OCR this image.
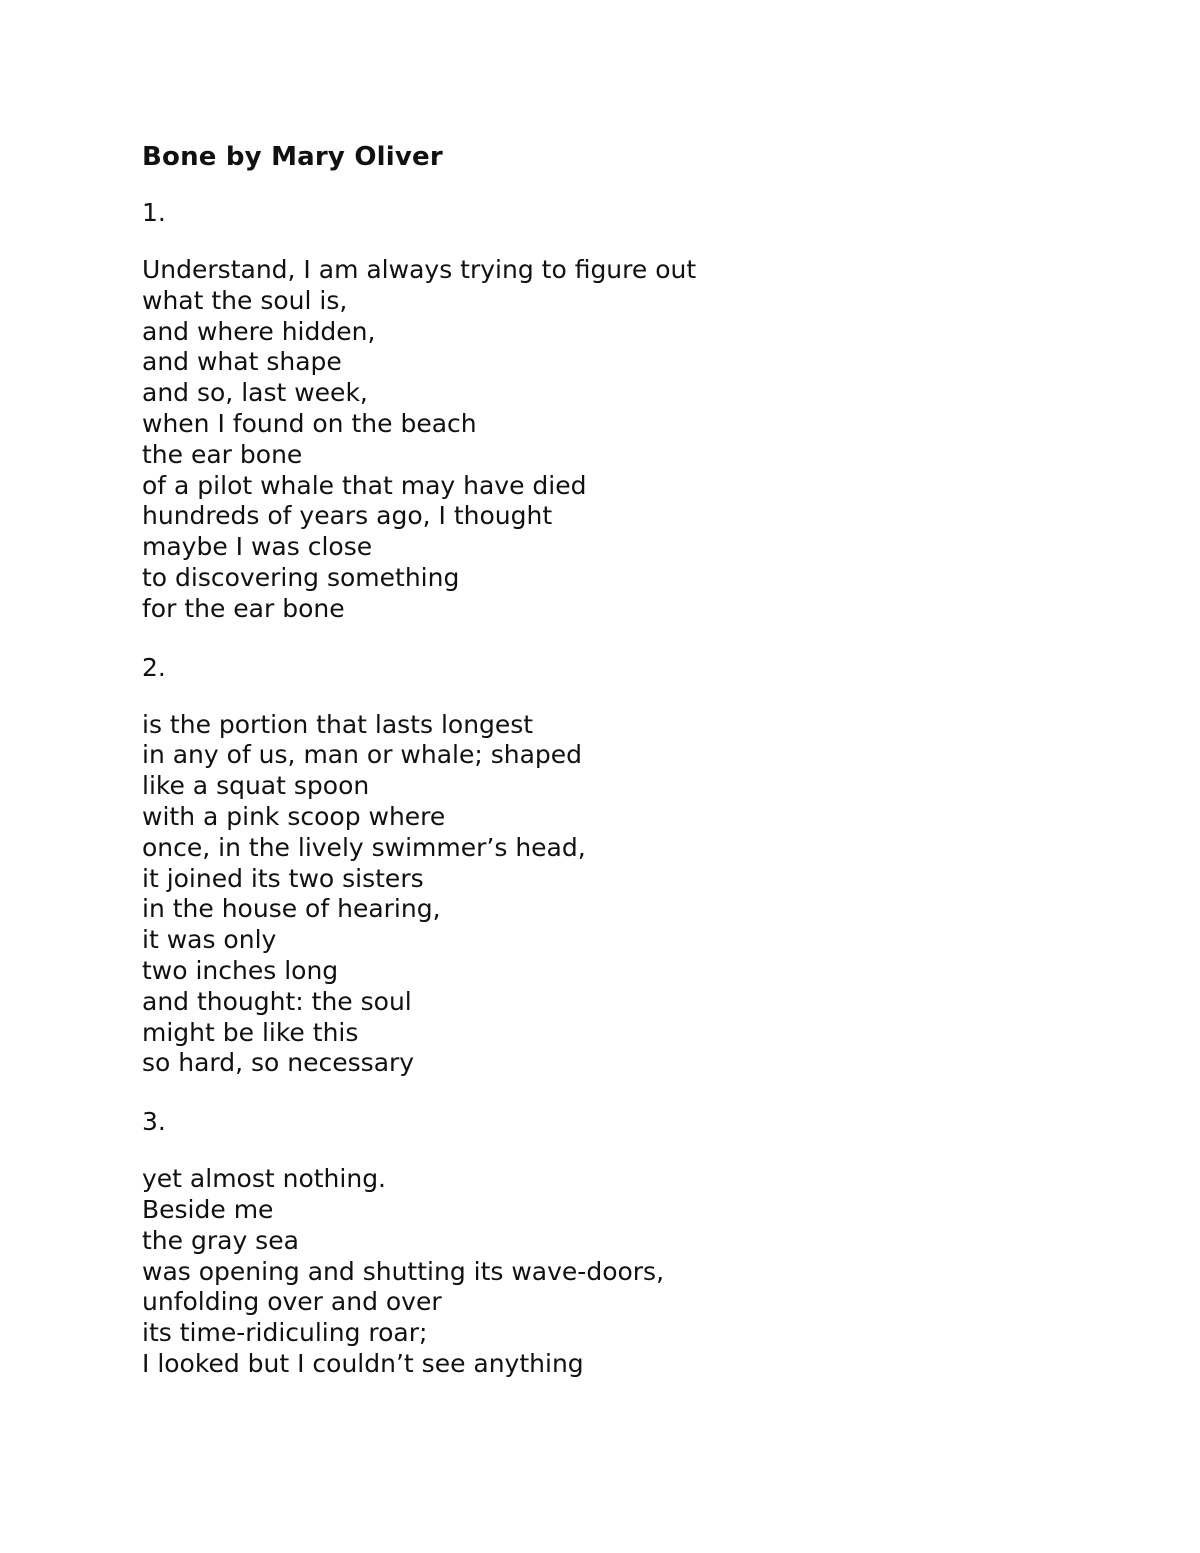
Bone by Mary Oliver
1.
Understand, I am always trying to figure out
what the soul is,
and where hidden,
and what shape
and so, last week,
when I found on the beach
the ear bone
of a pilot whale that may have died
hundreds of years ago, I thought
maybe I was close
to discovering something
for the ear bone
2.
is the portion that lasts longest
in any of us, man or whale; shaped
like a squat spoon
with a pink scoop where
once, in the lively swimmer’s head,
it joined its two sisters
in the house of hearing,
it was only
two inches long
and thought: the soul
might be like this
so hard, so necessary
3.
yet almost nothing.
Beside me
the gray sea
was opening and shutting its wave-doors,
unfolding over and over
its time-ridiculing roar;
I looked but I couldn’t see anything
